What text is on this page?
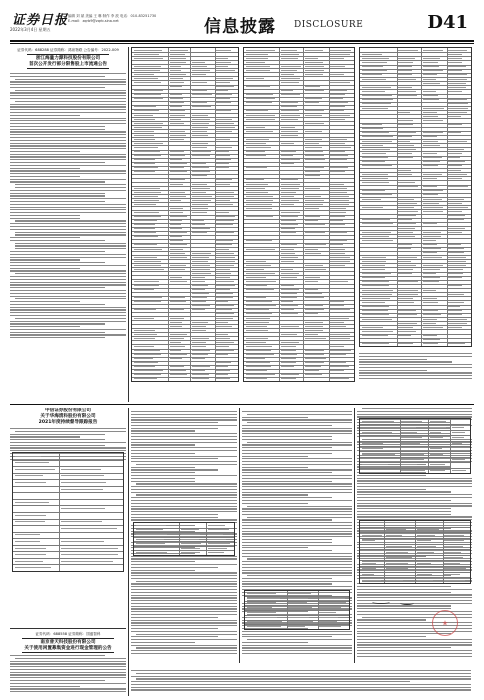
证券日报
2022年3月4日 星期五
编辑 刘 斌 美编 王 琳 制作 李 波 电话：010-83251730 E-mail：zqrb9@zqrb.sina.net	信息披露 DISCLOSURE	D41
证券代码：688288 证券简称：鸿泉物联 公告编号：2022-009
浙江海量力源科技股份有限公司
首次公开发行部分限售股上市流通公告
中信证券股份有限公司
关于华海清科股份有限公司
2021年度持续督导跟踪报告
证券代码：688558 证券简称：国盛智科
南京普天科技股份有限公司
关于使用闲置募集资金进行现金管理的公告
